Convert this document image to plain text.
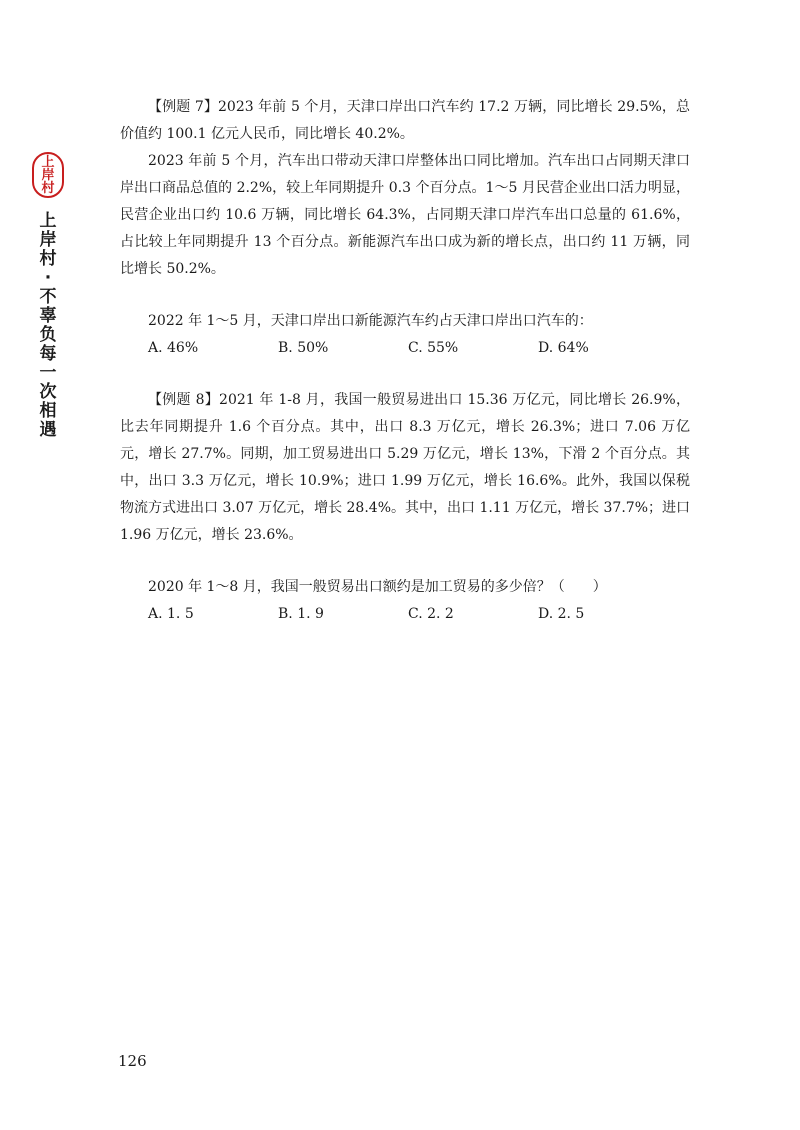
上
岸
村
上
岸
村
·
不
辜
负
每
一
次
相
遇

【例题 7】2023 年前 5 个月，天津口岸出口汽车约 17.2 万辆，同比增长 29.5%，总价值约 100.1 亿元人民币，同比增长 40.2%。

2023 年前 5 个月，汽车出口带动天津口岸整体出口同比增加。汽车出口占同期天津口岸出口商品总值的 2.2%，较上年同期提升 0.3 个百分点。1～5 月民营企业出口活力明显，民营企业出口约 10.6 万辆，同比增长 64.3%，占同期天津口岸汽车出口总量的 61.6%，占比较上年同期提升 13 个百分点。新能源汽车出口成为新的增长点，出口约 11 万辆，同比增长 50.2%。

2022 年 1～5 月，天津口岸出口新能源汽车约占天津口岸出口汽车的：

A. 46%	B. 50%	C. 55%	D. 64%

【例题 8】2021 年 1-8 月，我国一般贸易进出口 15.36 万亿元，同比增长 26.9%，比去年同期提升 1.6 个百分点。其中，出口 8.3 万亿元，增长 26.3%；进口 7.06 万亿元，增长 27.7%。同期，加工贸易进出口 5.29 万亿元，增长 13%，下滑 2 个百分点。其中，出口 3.3 万亿元，增长 10.9%；进口 1.99 万亿元，增长 16.6%。此外，我国以保税物流方式进出口 3.07 万亿元，增长 28.4%。其中，出口 1.11 万亿元，增长 37.7%；进口 1.96 万亿元，增长 23.6%。

2020 年 1～8 月，我国一般贸易出口额约是加工贸易的多少倍？（　　）

A. 1. 5	B. 1. 9	C. 2. 2	D. 2. 5
126
